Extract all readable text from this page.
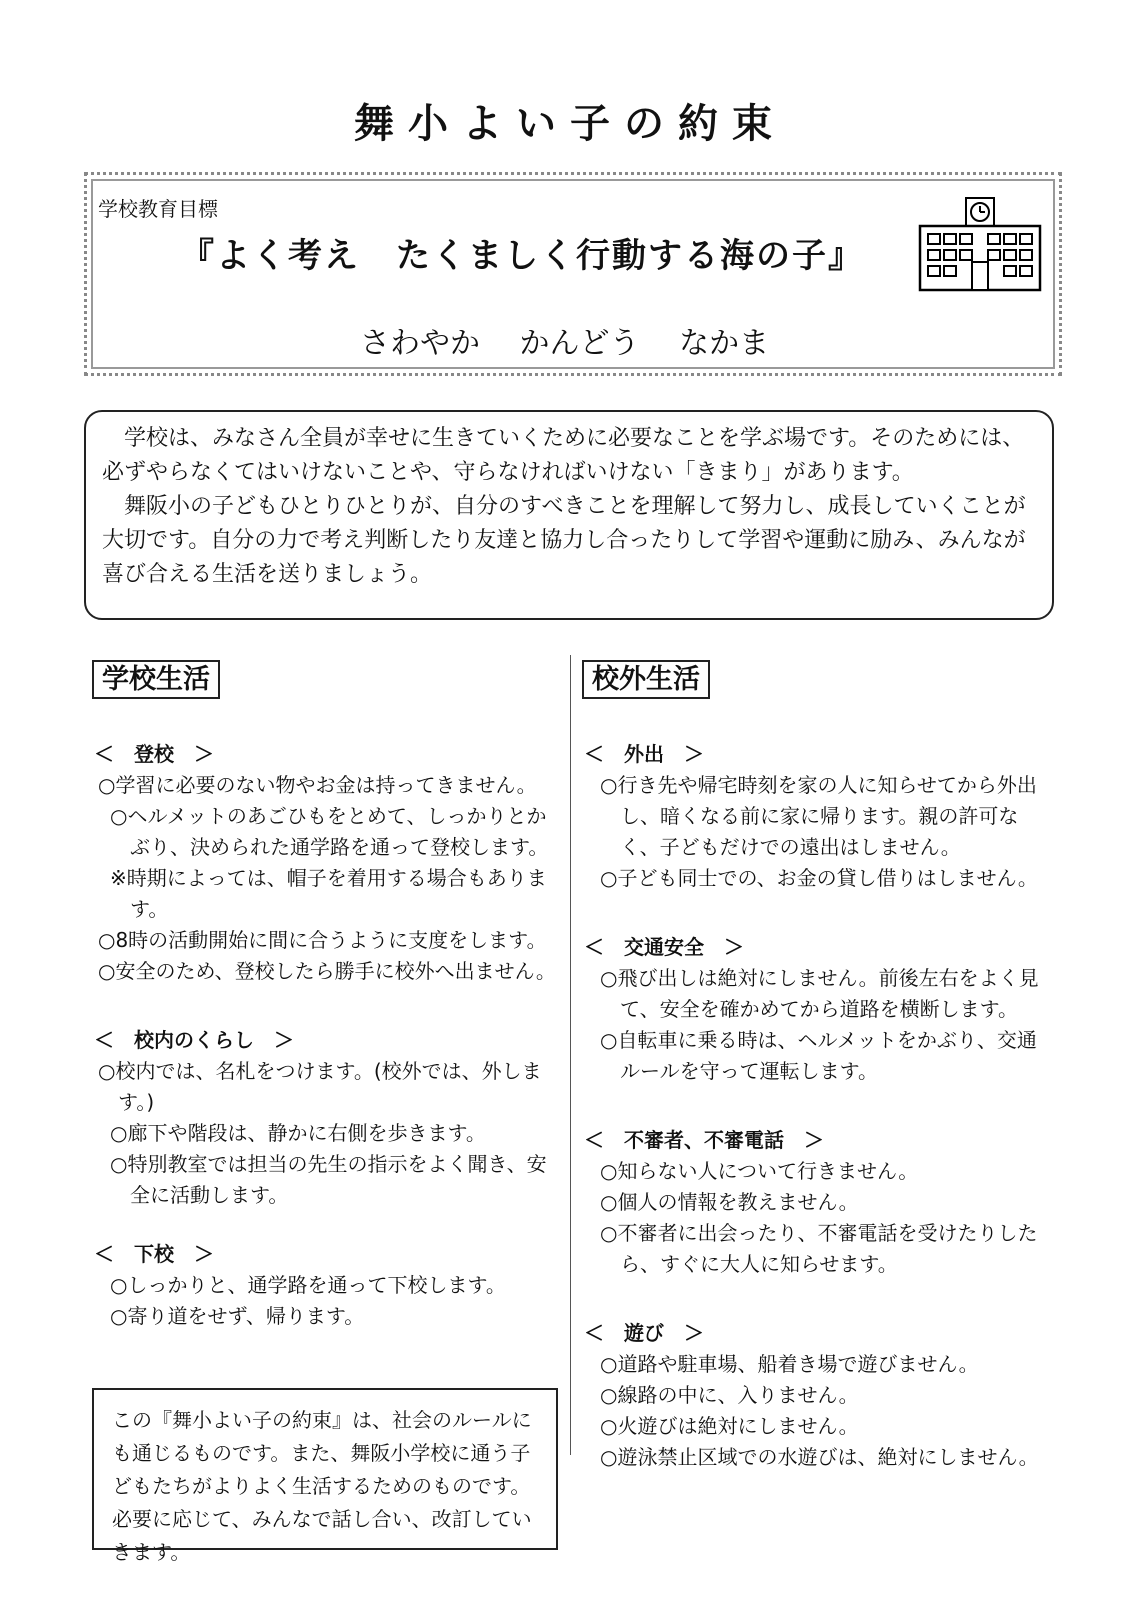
舞小よい子の約束
学校教育目標
『よく考え　たくましく行動する海の子』
さわやか　 かんどう　 なかま

学校は、みなさん全員が幸せに生きていくために必要なことを学ぶ場です。そのためには、必ずやらなくてはいけないことや、守らなければいけない「きまり」があります。

舞阪小の子どもひとりひとりが、自分のすべきことを理解して努力し、成長していくことが大切です。自分の力で考え判断したり友達と協力し合ったりして学習や運動に励み、みんなが喜び合える生活を送りましょう。

学校生活
＜　登校　＞
○学習に必要のない物やお金は持ってきません。
○ヘルメットのあごひもをとめて、しっかりとかぶり、決められた通学路を通って登校します。
※時期によっては、帽子を着用する場合もあります。
○8時の活動開始に間に合うように支度をします。
○安全のため、登校したら勝手に校外へ出ません。
＜　校内のくらし　＞
○校内では、名札をつけます。(校外では、外します。)
○廊下や階段は、静かに右側を歩きます。
○特別教室では担当の先生の指示をよく聞き、安全に活動します。
＜　下校　＞
○しっかりと、通学路を通って下校します。
○寄り道をせず、帰ります。
校外生活
＜　外出　＞
○行き先や帰宅時刻を家の人に知らせてから外出し、暗くなる前に家に帰ります。親の許可なく、子どもだけでの遠出はしません。
○子ども同士での、お金の貸し借りはしません。
＜　交通安全　＞
○飛び出しは絶対にしません。前後左右をよく見て、安全を確かめてから道路を横断します。
○自転車に乗る時は、ヘルメットをかぶり、交通ルールを守って運転します。
＜　不審者、不審電話　＞
○知らない人について行きません。
○個人の情報を教えません。
○不審者に出会ったり、不審電話を受けたりしたら、すぐに大人に知らせます。
＜　遊び　＞
○道路や駐車場、船着き場で遊びません。
○線路の中に、入りません。
○火遊びは絶対にしません。
○遊泳禁止区域での水遊びは、絶対にしません。
この『舞小よい子の約束』は、社会のルールにも通じるものです。また、舞阪小学校に通う子どもたちがよりよく生活するためのものです。必要に応じて、みんなで話し合い、改訂していきます。
